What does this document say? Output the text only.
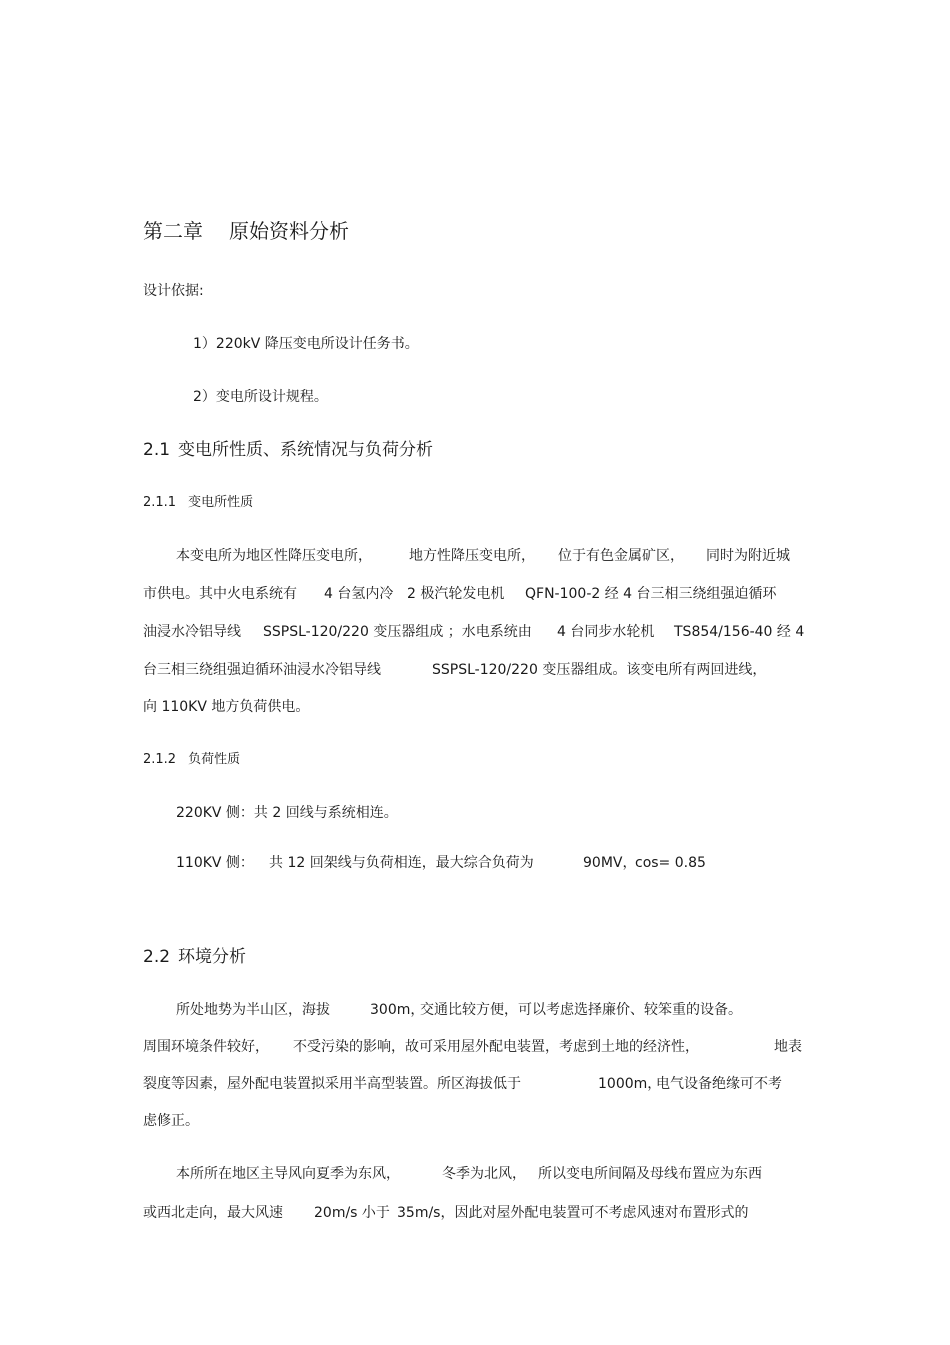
第二章 原始资料分析
设计依据:
1）220kV 降压变电所设计任务书。
2）变电所设计规程。
2.1 变电所性质、系统情况与负荷分析
2.1.1 变电所性质
本变电所为地区性降压变电所，	地方性降压变电所， 位于有色金属矿区， 同时为附近城
市供电。其中火电系统有 4 台氢内冷 2 极汽轮发电机 QFN-100-2 经 4 台三相三绕组强迫循环
油浸水冷铝导线 SSPSL-120/220 变压器组成 ；水电系统由 4 台同步水轮机 TS854/156-40 经 4
台三相三绕组强迫循环油浸水冷铝导线	SSPSL-120/220 变压器组成。该变电所有两回进线，
向 110KV 地方负荷供电。
2.1.2 负荷性质
220KV 侧：共 2 回线与系统相连。
110KV 侧： 共 12 回架线与负荷相连，最大综合负荷为	90MV，
cos= 0.85
2.2 环境分析
所处地势为半山区，海拔	300m，
交通比较方便，可以考虑选择廉价、较笨重的设备。
周围环境条件较好， 不受污染的影响，故可采用屋外配电装置，考虑到土地的经济性，	地表
裂度等因素，屋外配电装置拟采用半高型装置。所区海拔低于	1000m，
电气设备绝缘可不考
虑修正。
本所所在地区主导风向夏季为东风，	冬季为北风， 所以变电所间隔及母线布置应为东西
或西北走向，最大风速 20m/s 小于 35m/s，因此对屋外配电装置可不考虑风速对布置形式的
